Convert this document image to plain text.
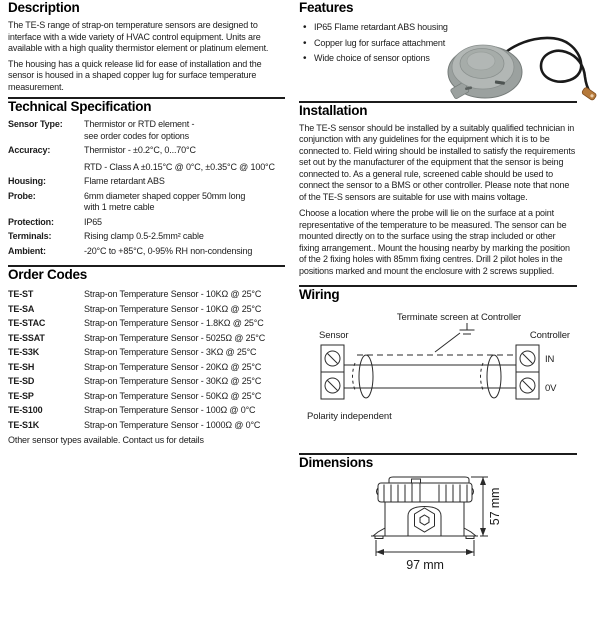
Description

The TE-S range of strap-on temperature sensors are designed to interface with a wide variety of HVAC control equipment. Units are available with a high quality thermistor element or platinum element.

The housing has a quick release lid for ease of installation and the sensor is housed in a shaped copper lug for surface temperature measurement.

Technical Specification
Sensor Type:	Thermistor or RTD element -
see order codes for options
Accuracy:	Thermistor - ±0.2°C, 0...70°C
RTD - Class A ±0.15°C @ 0°C, ±0.35°C @ 100°C
Housing:	Flame retardant ABS
Probe:	6mm diameter shaped copper 50mm long
with 1 metre cable
Protection:	IP65
Terminals:	Rising clamp 0.5-2.5mm² cable
Ambient:	-20°C to +85°C, 0-95% RH non-condensing
Order Codes
TE-ST	Strap-on Temperature Sensor - 10KΩ @ 25°C
TE-SA	Strap-on Temperature Sensor - 10KΩ @ 25°C
TE-STAC	Strap-on Temperature Sensor - 1.8KΩ @ 25°C
TE-SSAT	Strap-on Temperature Sensor - 5025Ω @ 25°C
TE-S3K	Strap-on Temperature Sensor - 3KΩ @ 25°C
TE-SH	Strap-on Temperature Sensor - 20KΩ @ 25°C
TE-SD	Strap-on Temperature Sensor - 30KΩ @ 25°C
TE-SP	Strap-on Temperature Sensor - 50KΩ @ 25°C
TE-S100	Strap-on Temperature Sensor - 100Ω @ 0°C
TE-S1K	Strap-on Temperature Sensor - 1000Ω @ 0°C
Other sensor types available. Contact us for details
Features
• IP65 Flame retardant ABS housing
• Copper lug for surface attachment
• Wide choice of sensor options
Installation

The TE-S sensor should be installed by a suitably qualified technician in conjunction with any guidelines for the equipment which it is to be connected to. Field wiring should be installed to satisfy the requirements set out by the manufacturer of the equipment that the sensor is being connected to. As a general rule, screened cable should be used to connect the sensor to a BMS or other controller. Please note that none of the TE-S sensors are suitable for use with mains voltage.

Choose a location where the probe will lie on the surface at a point representative of the temperature to be measured. The sensor can be mounted directly on to the surface using the strap included or other fixing arrangement.. Mount the housing nearby by marking the position of the 2 fixing holes with 85mm fixing centres. Drill 2 pilot holes in the positions marked and mount the enclosure with 2 screws supplied.

Wiring
Terminate screen at Controller
Sensor	Controller
IN
0V
Polarity independent
Dimensions
57 mm
97 mm
